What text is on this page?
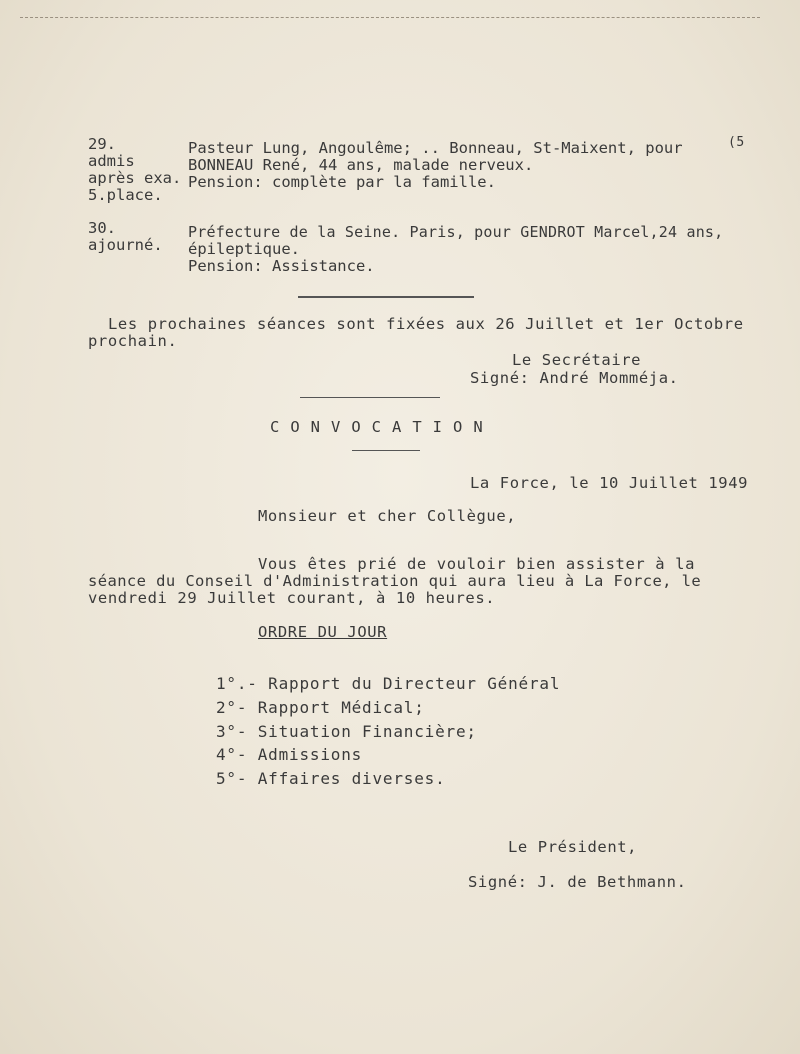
29.
admis
après exa.
5.place.
Pasteur Lung, Angoulême; .. Bonneau, St-Maixent, pour
BONNEAU René, 44 ans, malade nerveux.
Pension: complète par la famille.
(5
30.
ajourné.
Préfecture de la Seine. Paris, pour GENDROT Marcel,24 ans,
épileptique.
Pension: Assistance.
Les prochaines séances sont fixées aux 26 Juillet et 1er Octobre
prochain.
Le Secrétaire
Signé: André Momméja.
CONVOCATION
La Force, le 10 Juillet 1949
Monsieur et cher Collègue,
Vous êtes prié de vouloir bien assister à la
séance du Conseil d'Administration qui aura lieu à La Force, le
vendredi 29 Juillet courant, à 10 heures.
ORDRE DU JOUR
1°.- Rapport du Directeur Général
2°- Rapport Médical;
3°- Situation Financière;
4°- Admissions
5°- Affaires diverses.
Le Président,
Signé: J. de Bethmann.
